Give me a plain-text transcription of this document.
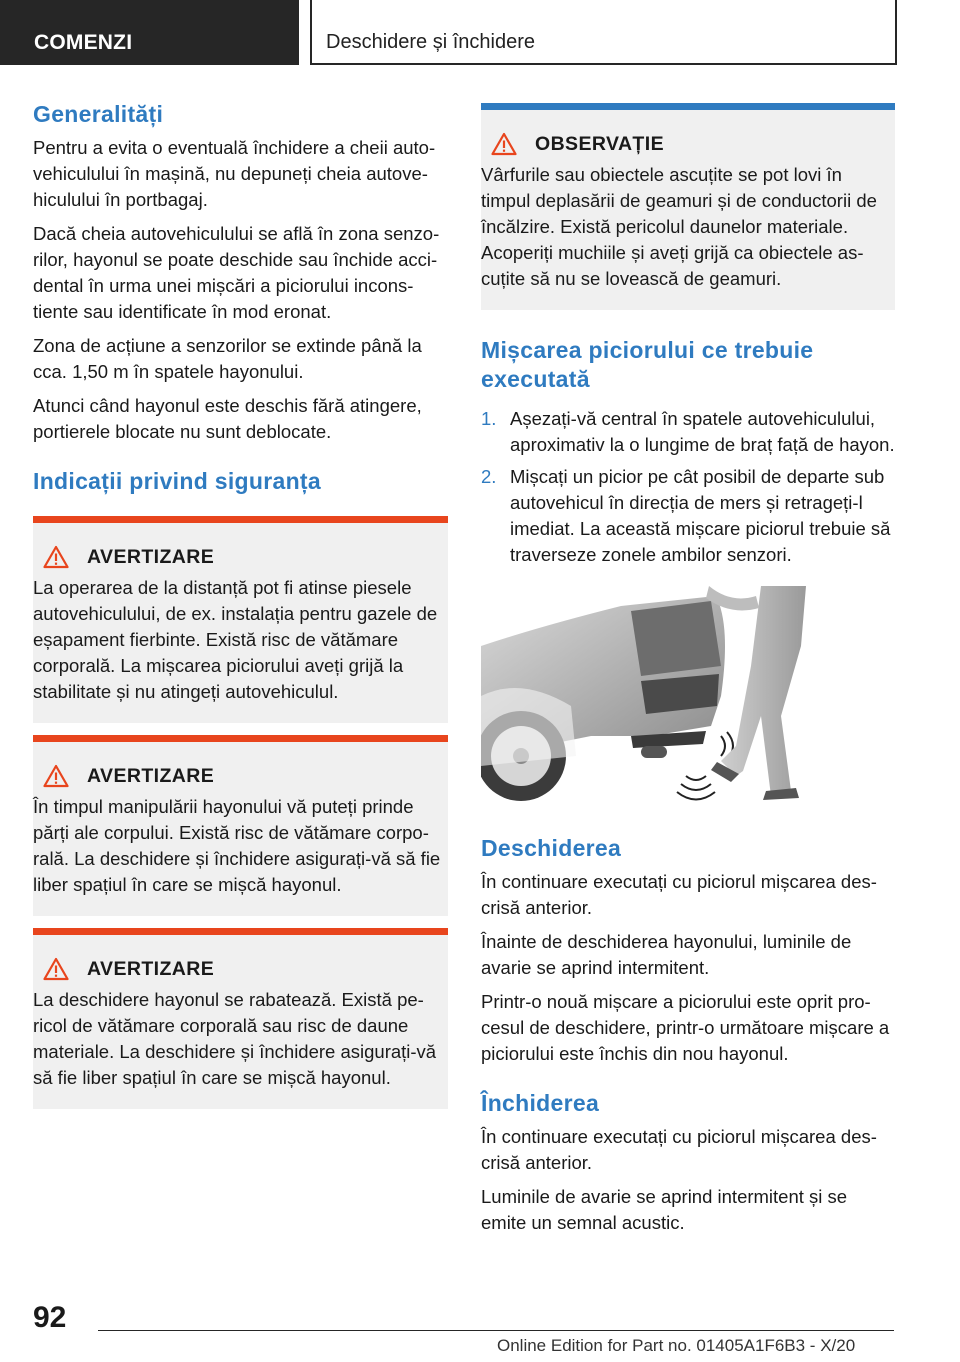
COMENZI	Deschidere și închidere
Generalități

Pentru a evita o eventuală închidere a cheii autovehiculului în mașină, nu depuneți cheia autovehiculului în portbagaj.

Dacă cheia autovehiculului se află în zona senzorilor, hayonul se poate deschide sau închide accidental în urma unei mișcări a piciorului inconstiente sau identificate în mod eronat.

Zona de acțiune a senzorilor se extinde până la cca. 1,50 m în spatele hayonului.

Atunci când hayonul este deschis fără atingere, portierele blocate nu sunt deblocate.

Indicații privind siguranța
AVERTIZARE

La operarea de la distanță pot fi atinse piesele autovehiculului, de ex. instalația pentru gazele de eșapament fierbinte. Există risc de vătămare corporală. La mișcarea piciorului aveți grijă la stabilitate și nu atingeți autovehiculul.

AVERTIZARE

În timpul manipulării hayonului vă puteți prinde părți ale corpului. Există risc de vătămare corporală. La deschidere și închidere asigurați-vă să fie liber spațiul în care se mișcă hayonul.

AVERTIZARE

La deschidere hayonul se rabatează. Există pericol de vătămare corporală sau risc de daune materiale. La deschidere și închidere asigurați-vă să fie liber spațiul în care se mișcă hayonul.

OBSERVAȚIE

Vârfurile sau obiectele ascuțite se pot lovi în timpul deplasării de geamuri și de conductorii de încălzire. Există pericolul daunelor materiale. Acoperiți muchiile și aveți grijă ca obiectele ascuțite să nu se lovească de geamuri.

Mișcarea piciorului ce trebuie executată
1. Așezați-vă central în spatele autovehiculului, aproximativ la o lungime de braț față de hayon.
2. Mișcați un picior pe cât posibil de departe sub autovehicul în direcția de mers și retrageți-l imediat. La această mișcare piciorul trebuie să traverseze zonele ambilor senzori.
Deschiderea

În continuare executați cu piciorul mișcarea descrisă anterior.

Înainte de deschiderea hayonului, luminile de avarie se aprind intermitent.

Printr-o nouă mișcare a piciorului este oprit procesul de deschidere, printr-o următoare mișcare a piciorului este închis din nou hayonul.

Închiderea

În continuare executați cu piciorul mișcarea descrisă anterior.

Luminile de avarie se aprind intermitent și se emite un semnal acustic.

92
Online Edition for Part no. 01405A1F6B3 - X/20
